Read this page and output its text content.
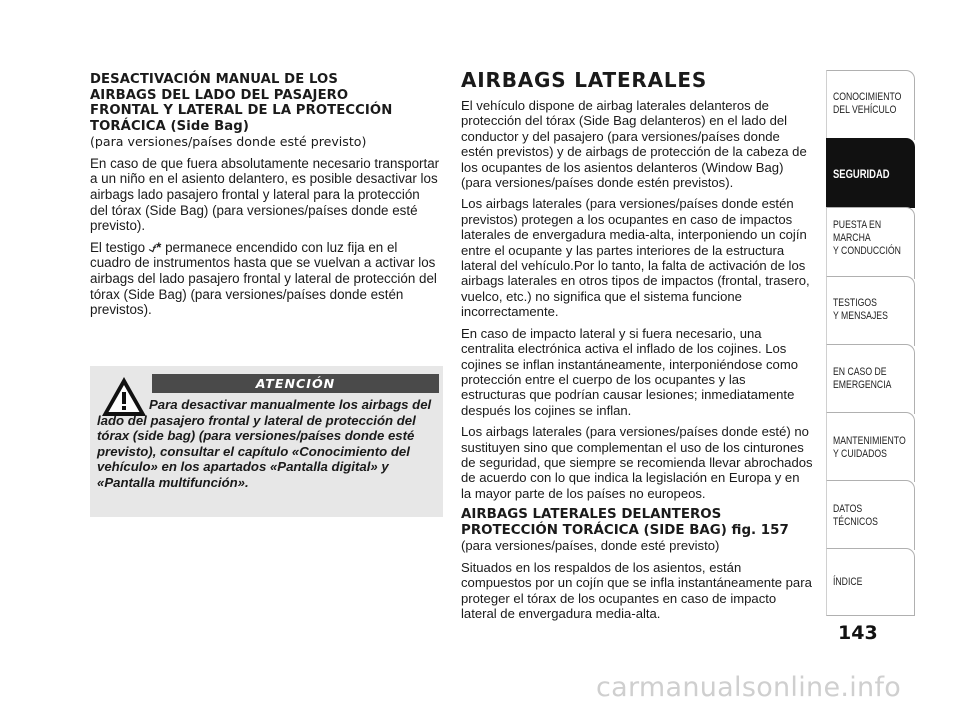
DESACTIVACIÓN MANUAL DE LOS
AIRBAGS DEL LADO DEL PASAJERO
FRONTAL Y LATERAL DE LA PROTECCIÓN
TORÁCICA (Side Bag)

(para versiones/países donde esté previsto)

En caso de que fuera absolutamente necesario transportar a un niño en el asiento delantero, es posible desactivar los airbags lado pasajero frontal y lateral para la protección del tórax (Side Bag) (para versiones/países donde esté previsto).

El testigo ⍻* permanece encendido con luz fija en el cuadro de instrumentos hasta que se vuelvan a activar los airbags del lado pasajero frontal y lateral de protección del tórax (Side Bag) (para versiones/países donde estén previstos).

ATENCIÓN

Para desactivar manualmente los airbags del lado del pasajero frontal y lateral de protección del tórax (side bag) (para versiones/países donde esté previsto), consultar el capítulo «Conocimiento del vehículo» en los apartados «Pantalla digital» y «Pantalla multifunción».

AIRBAGS LATERALES

El vehículo dispone de airbag laterales delanteros de protección del tórax (Side Bag delanteros) en el lado del conductor y del pasajero (para versiones/países donde estén previstos) y de airbags de protección de la cabeza de los ocupantes de los asientos delanteros (Window Bag) (para versiones/países donde estén previstos).

Los airbags laterales (para versiones/países donde estén previstos) protegen a los ocupantes en caso de impactos laterales de envergadura media-alta, interponiendo un cojín entre el ocupante y las partes interiores de la estructura lateral del vehículo.Por lo tanto, la falta de activación de los airbags laterales en otros tipos de impactos (frontal, trasero, vuelco, etc.) no significa que el sistema funcione incorrectamente.

En caso de impacto lateral y si fuera necesario, una centralita electrónica activa el inflado de los cojines. Los cojines se inflan instantáneamente, interponiéndose como protección entre el cuerpo de los ocupantes y las estructuras que podrían causar lesiones; inmediatamente después los cojines se inflan.

Los airbags laterales (para versiones/países donde esté) no sustituyen sino que complementan el uso de los cinturones de seguridad, que siempre se recomienda llevar abrochados de acuerdo con lo que indica la legislación en Europa y en la mayor parte de los países no europeos.

AIRBAGS LATERALES DELANTEROS
PROTECCIÓN TORÁCICA (SIDE BAG) fig. 157

(para versiones/países, donde esté previsto)

Situados en los respaldos de los asientos, están compuestos por un cojín que se infla instantáneamente para proteger el tórax de los ocupantes en caso de impacto lateral de envergadura media-alta.

CONOCIMIENTO
DEL VEHÍCULO
SEGURIDAD
PUESTA EN
MARCHA
Y CONDUCCIÓN
TESTIGOS
Y MENSAJES
EN CASO DE
EMERGENCIA
MANTENIMIENTO
Y CUIDADOS
DATOS
TÉCNICOS
ÍNDICE
143
carmanualsonline.info
